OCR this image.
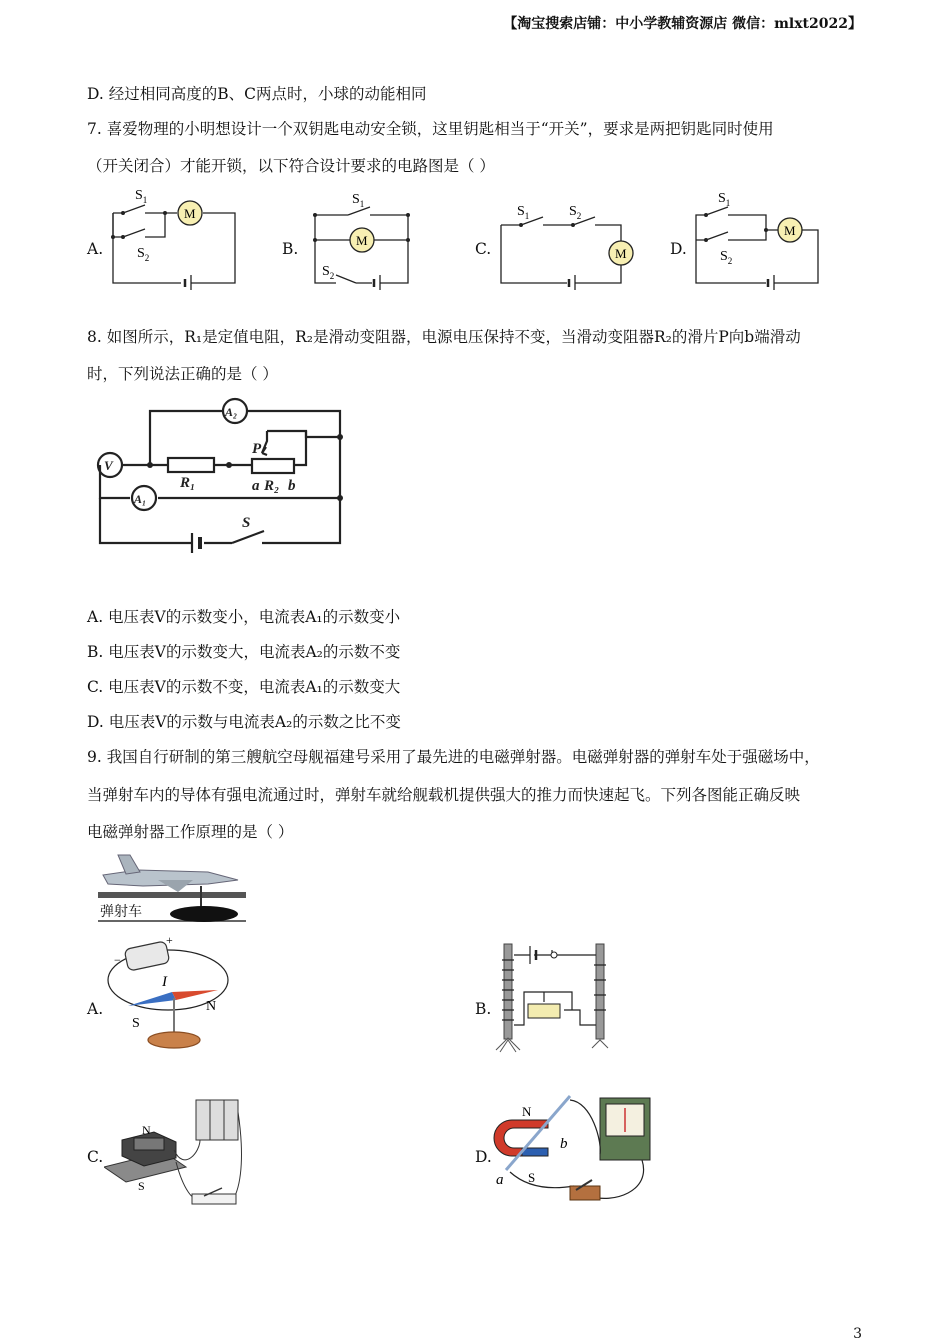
【淘宝搜索店铺：中小学教辅资源店 微信：mlxt2022】
D. 经过相同高度的B、C两点时，小球的动能相同
7. 喜爱物理的小明想设计一个双钥匙电动安全锁，这里钥匙相当于“开关”，要求是两把钥匙同时使用
（开关闭合）才能开锁，以下符合设计要求的电路图是（ ）
A.
M
$S_1$
$S_2$	B.	M
$S_1$
$S_2$
C.	M
$S_1$	$S_2$
D.
M
$S_1$
$S_2$
8. 如图所示，R₁是定值电阻，R₂是滑动变阻器，电源电压保持不变，当滑动变阻器R₂的滑片P向b端滑动
时，下列说法正确的是（ ）
A₂
A₁
V
P
R₁	a R₂ b
S
A. 电压表V的示数变小，电流表A₁的示数变小
B. 电压表V的示数变大，电流表A₂的示数不变
C. 电压表V的示数不变，电流表A₁的示数变大
D. 电压表V的示数与电流表A₂的示数之比不变
9. 我国自行研制的第三艘航空母舰福建号采用了最先进的电磁弹射器。电磁弹射器的弹射车处于强磁场中，
当弹射车内的导体有强电流通过时，弹射车就给舰载机提供强大的推力而快速起飞。下列各图能正确反映
电磁弹射器工作原理的是（ ）
弹射车
A.
+
−
I
N
S
B.
C.
N
S
D.
N
S
a
b
3
